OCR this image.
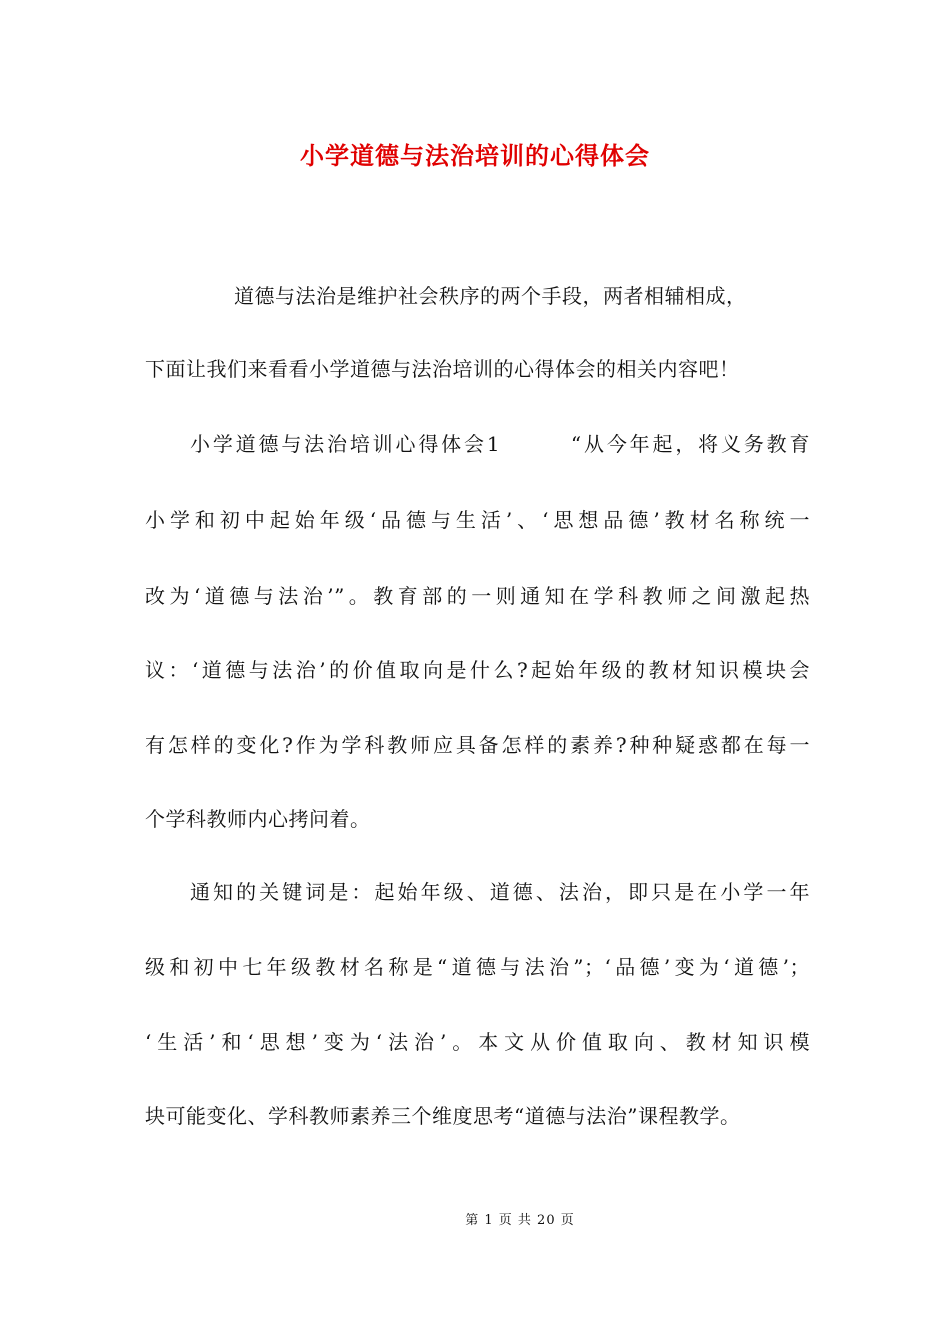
小学道德与法治培训的心得体会
道德与法治是维护社会秩序的两个手段，两者相辅相成，
下面让我们来看看小学道德与法治培训的心得体会的相关内容吧！
小学道德与法治培训心得体会1　　　“从今年起，将义务教育
小学和初中起始年级‘品德与生活’、‘思想品德’教材名称统一
改为‘道德与法治’”。教育部的一则通知在学科教师之间激起热
议：‘道德与法治’的价值取向是什么?起始年级的教材知识模块会
有怎样的变化?作为学科教师应具备怎样的素养?种种疑惑都在每一
个学科教师内心拷问着。
通知的关键词是：起始年级、道德、法治，即只是在小学一年
级和初中七年级教材名称是“道德与法治”；‘品德’变为‘道德’；
‘生活’和‘思想’变为‘法治’。本文从价值取向、教材知识模
块可能变化、学科教师素养三个维度思考“道德与法治”课程教学。
第 1 页 共 20 页
